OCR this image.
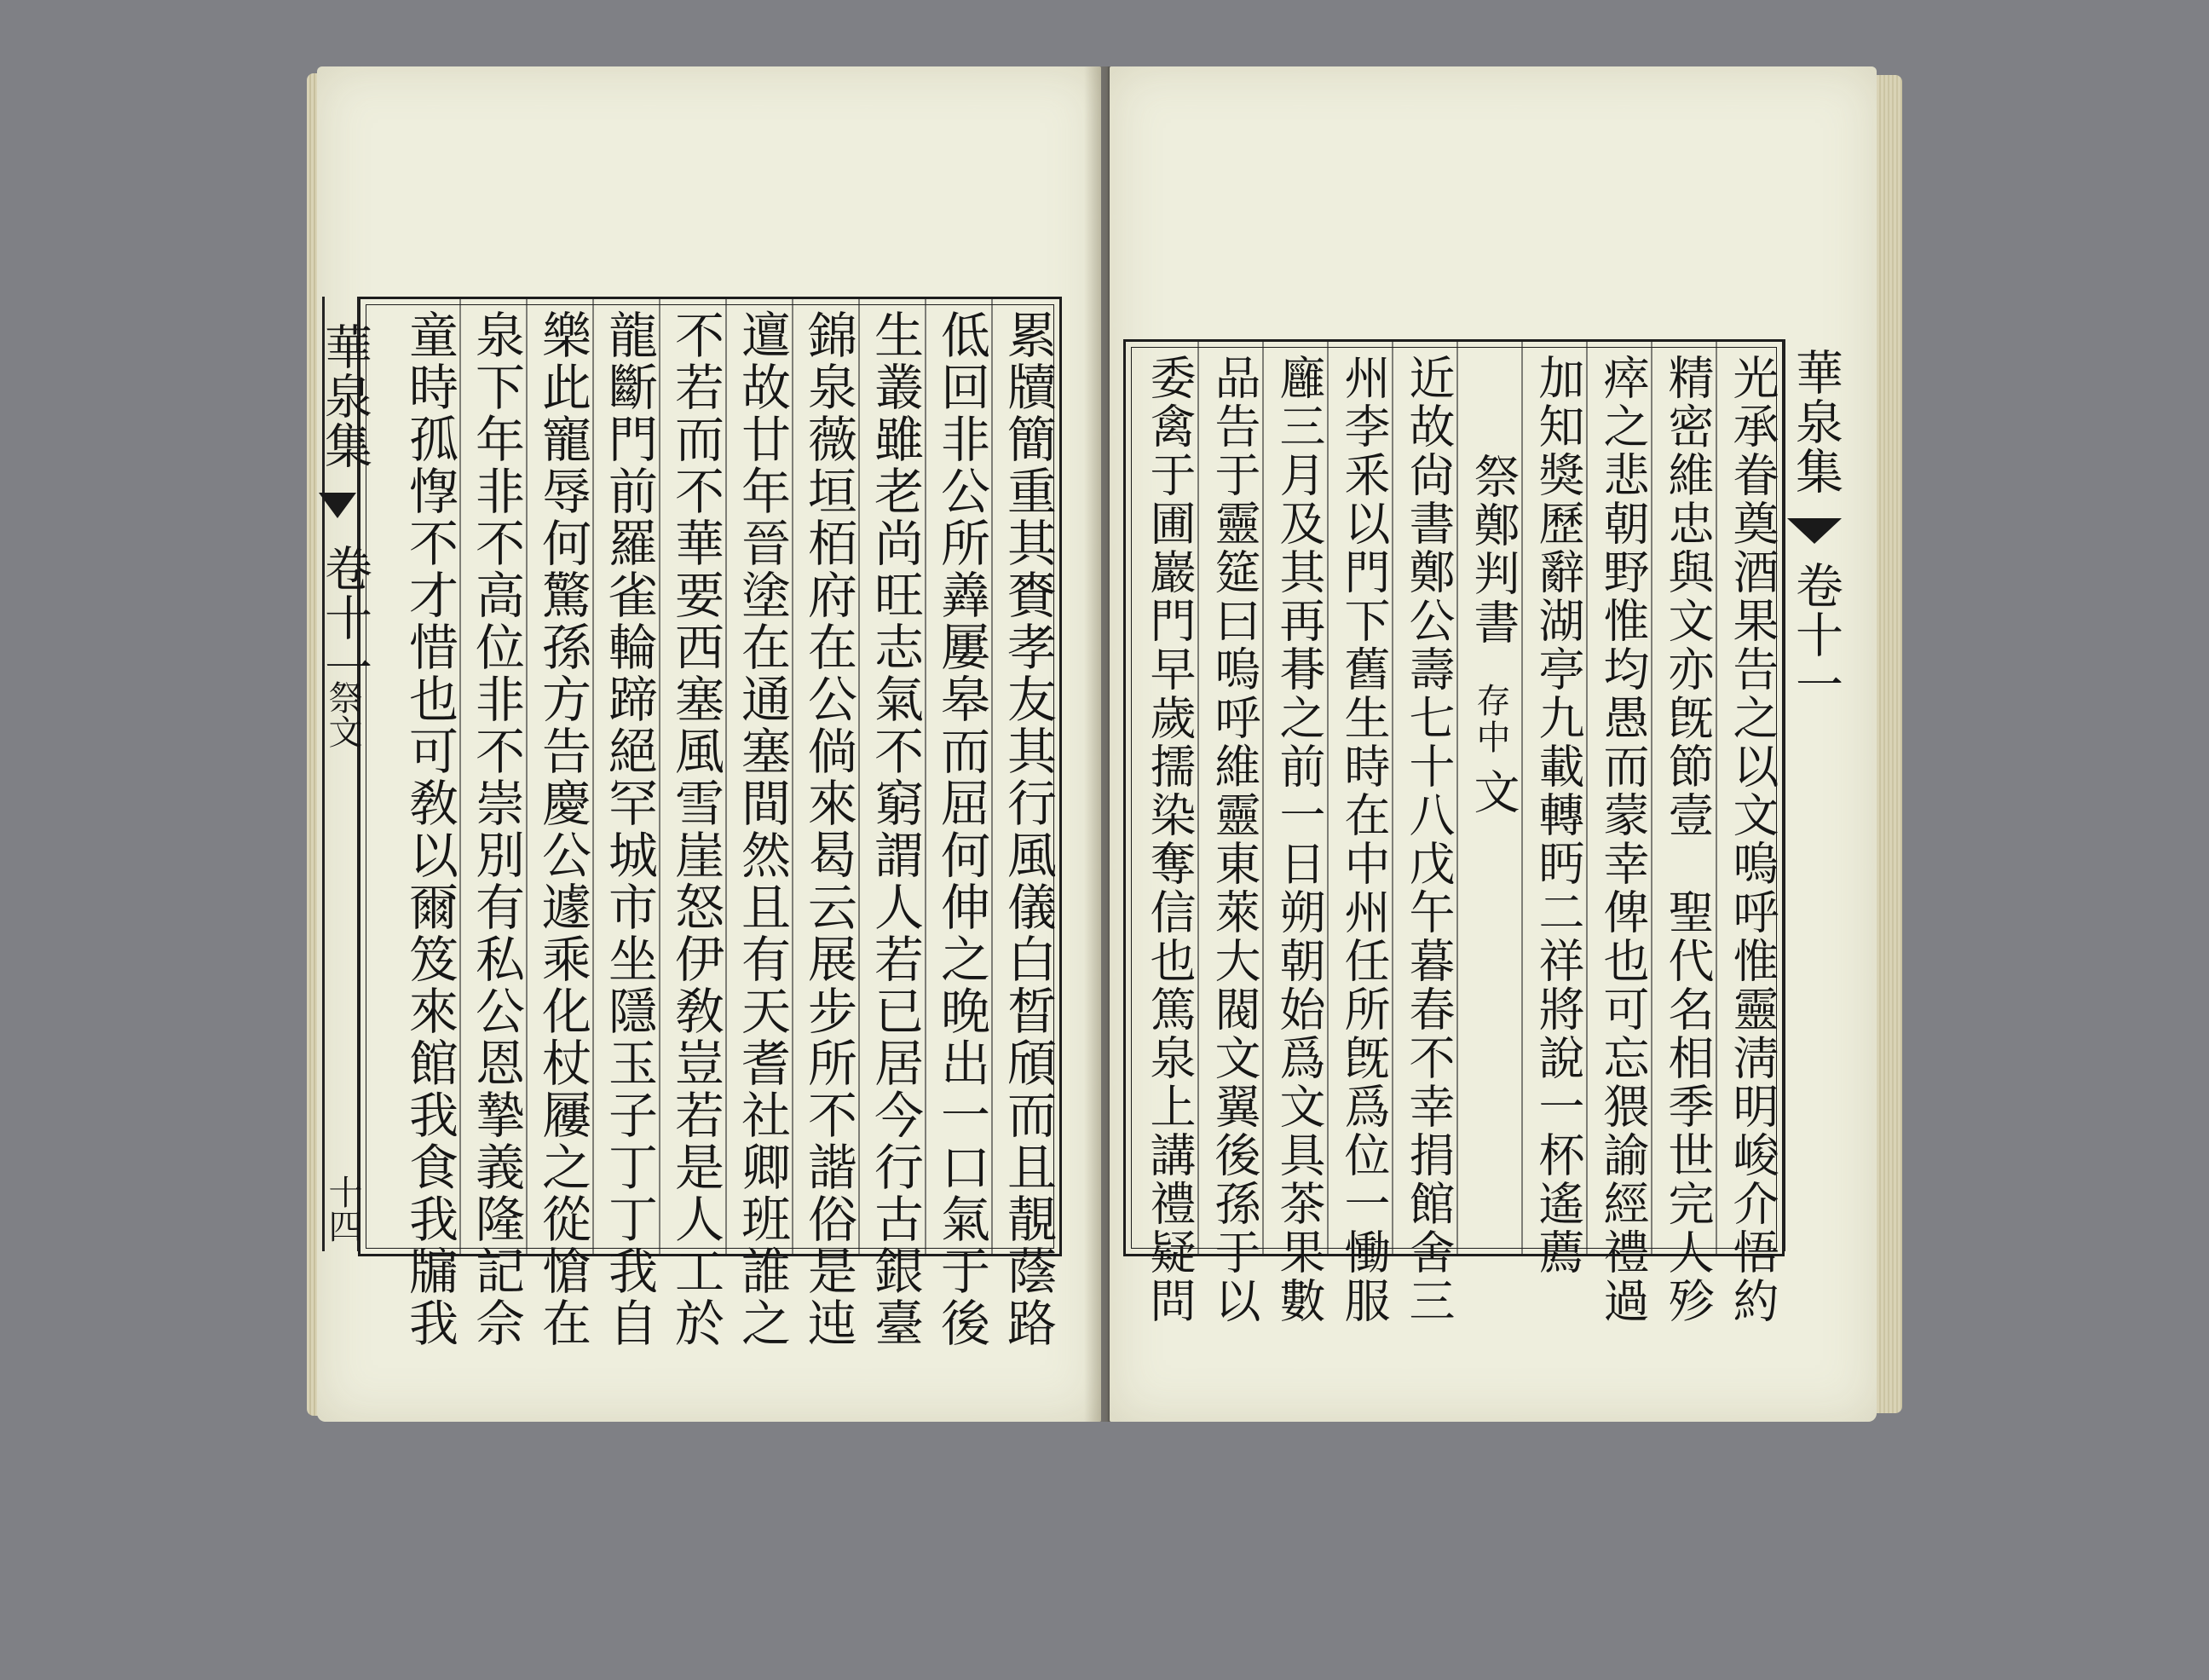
累牘簡重其賚孝友其行風儀白晳頎而且靚蔭路
低回非公所羴屢皋而屈何伸之晚出一口氣于後
生叢雖老尚旺志氣不窮謂人若已居今行古銀臺
錦泉薇垣栢府在公倘來曷云展步所不諧俗是迍
邅故廿年晉塗在通塞間然且有天耆社卿班誰之
不若而不華要西塞風雪崖怒伊敎豈若是人工於
龍斷門前羅雀輪蹄絕罕城市坐隱玉子丁丁我自
樂此寵辱何驚孫方告慶公遽乘化杖屨之從愴在
泉下年非不高位非不崇別有私公恩摯義隆記佘
童時孤惸不才惜也可敎以爾笈來館我食我牖我
華泉集
卷十一
祭文
十四	光承眷奠酒果告之以文嗚呼惟靈淸明峻介悟約
精密維忠與文亦旣節壹　聖代名相季世完人殄
瘁之悲朝野惟均愚而蒙幸俾也可忘猥諭經禮過
加知獎歷辭湖亭九載轉眄二祥將說一杯遙薦
祭鄭判書
存中
文
近故尙書鄭公壽七十八戊午暮春不幸捐館舍三
州李釆以門下舊生時在中州任所旣爲位一慟服
廱三月及其再朞之前一日朔朝始爲文具茶果數
品告于靈筵曰嗚呼維靈東萊大閥文翼後孫于以
委禽于圃巖門早歲擩染奪信也篤泉上講禮疑問	華泉集
卷十一
